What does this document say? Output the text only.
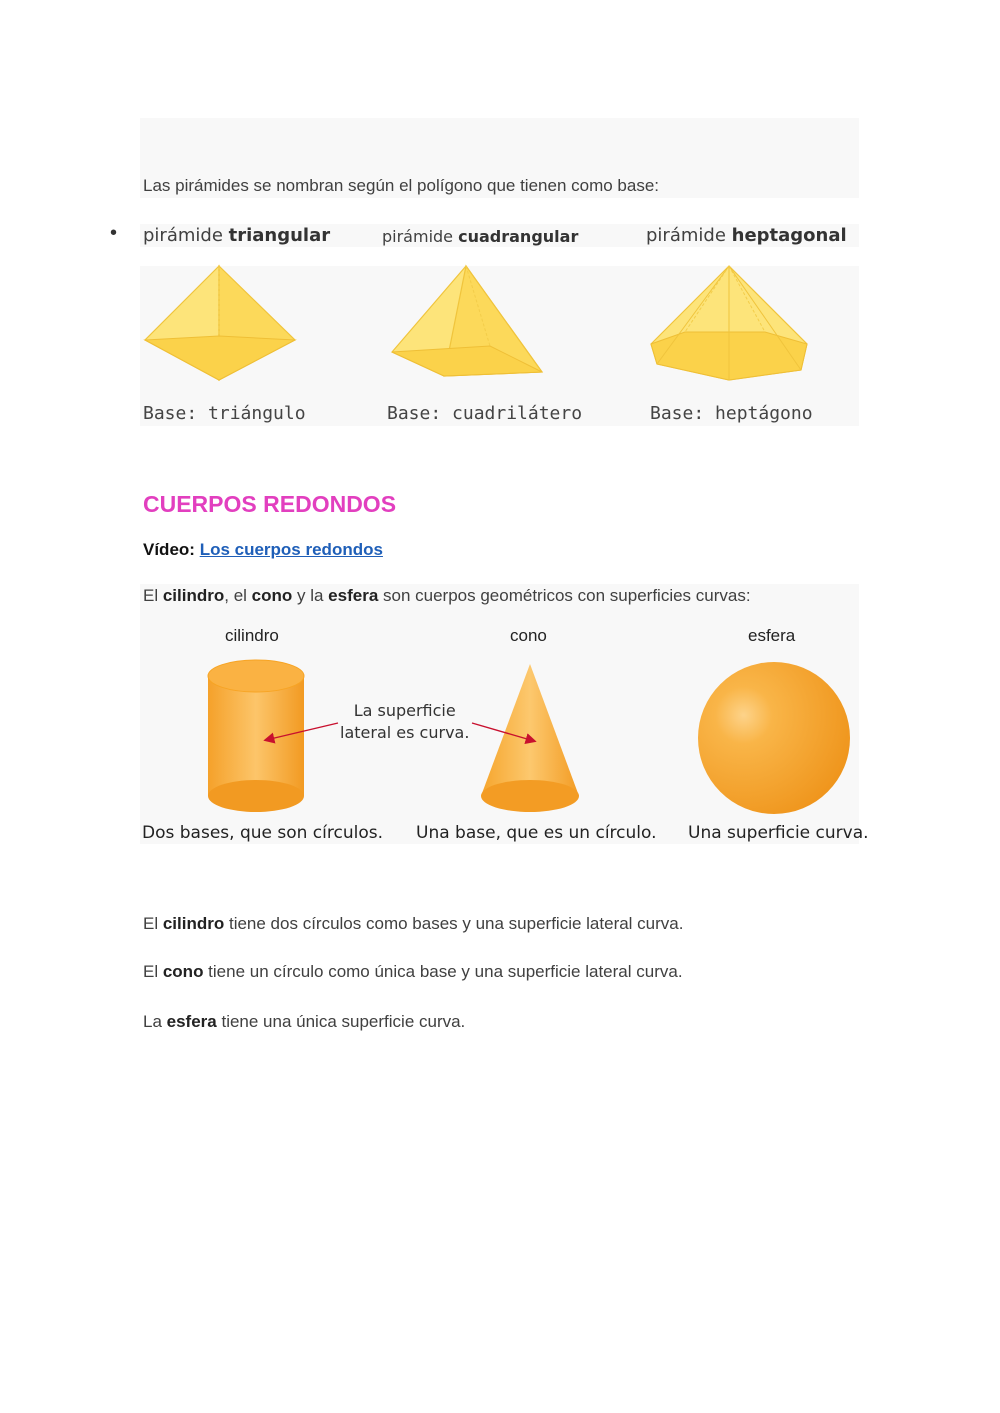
Las pirámides se nombran según el polígono que tienen como base:
• pirámide triangular	pirámide cuadrangular	pirámide heptagonal
Base: triángulo	Base: cuadrilátero	Base: heptágono
CUERPOS REDONDOS
Vídeo: Los cuerpos redondos
El cilindro, el cono y la esfera son cuerpos geométricos con superficies curvas:
cilindro	cono	esfera
La superficie
lateral es curva.
Dos bases, que son círculos. Una base, que es un círculo. Una superficie curva.
El cilindro tiene dos círculos como bases y una superficie lateral curva.
El cono tiene un círculo como única base y una superficie lateral curva.
La esfera tiene una única superficie curva.
